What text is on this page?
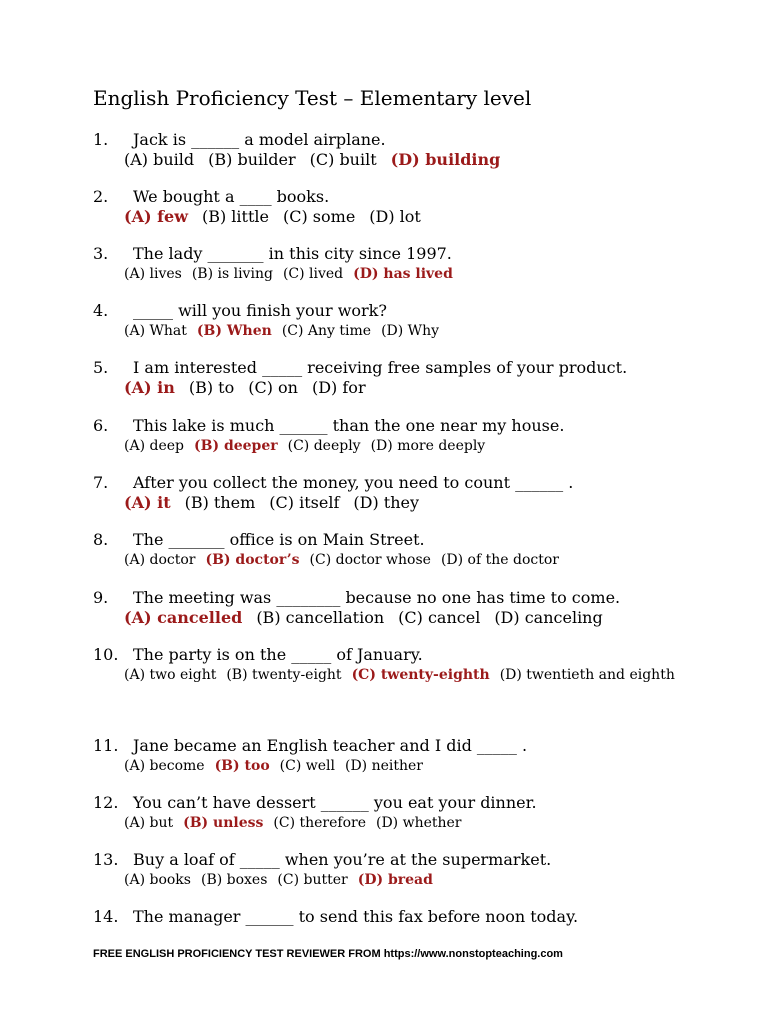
English Proficiency Test – Elementary level
1.	Jack is ______ a model airplane.
(A) build (B) builder (C) built (D) building
2.	We bought a ____ books.
(A) few (B) little (C) some (D) lot
3.	The lady _______ in this city since 1997.
(A) lives (B) is living (C) lived (D) has lived
4.	_____ will you finish your work?
(A) What (B) When (C) Any time (D) Why
5.	I am interested _____ receiving free samples of your product.
(A) in (B) to (C) on (D) for
6.	This lake is much ______ than the one near my house.
(A) deep (B) deeper (C) deeply (D) more deeply
7.	After you collect the money, you need to count ______ .
(A) it (B) them (C) itself (D) they
8.	The _______ office is on Main Street.
(A) doctor (B) doctor’s (C) doctor whose (D) of the doctor
9.	The meeting was ________ because no one has time to come.
(A) cancelled (B) cancellation (C) cancel (D) canceling
10. The party is on the _____ of January.
(A) two eight (B) twenty-eight (C) twenty-eighth (D) twentieth and eighth
11. Jane became an English teacher and I did _____ .
(A) become (B) too (C) well (D) neither
12. You can’t have dessert ______ you eat your dinner.
(A) but (B) unless (C) therefore (D) whether
13. Buy a loaf of _____ when you’re at the supermarket.
(A) books (B) boxes (C) butter (D) bread
14. The manager ______ to send this fax before noon today.
FREE ENGLISH PROFICIENCY TEST REVIEWER FROM https://www.nonstopteaching.com
